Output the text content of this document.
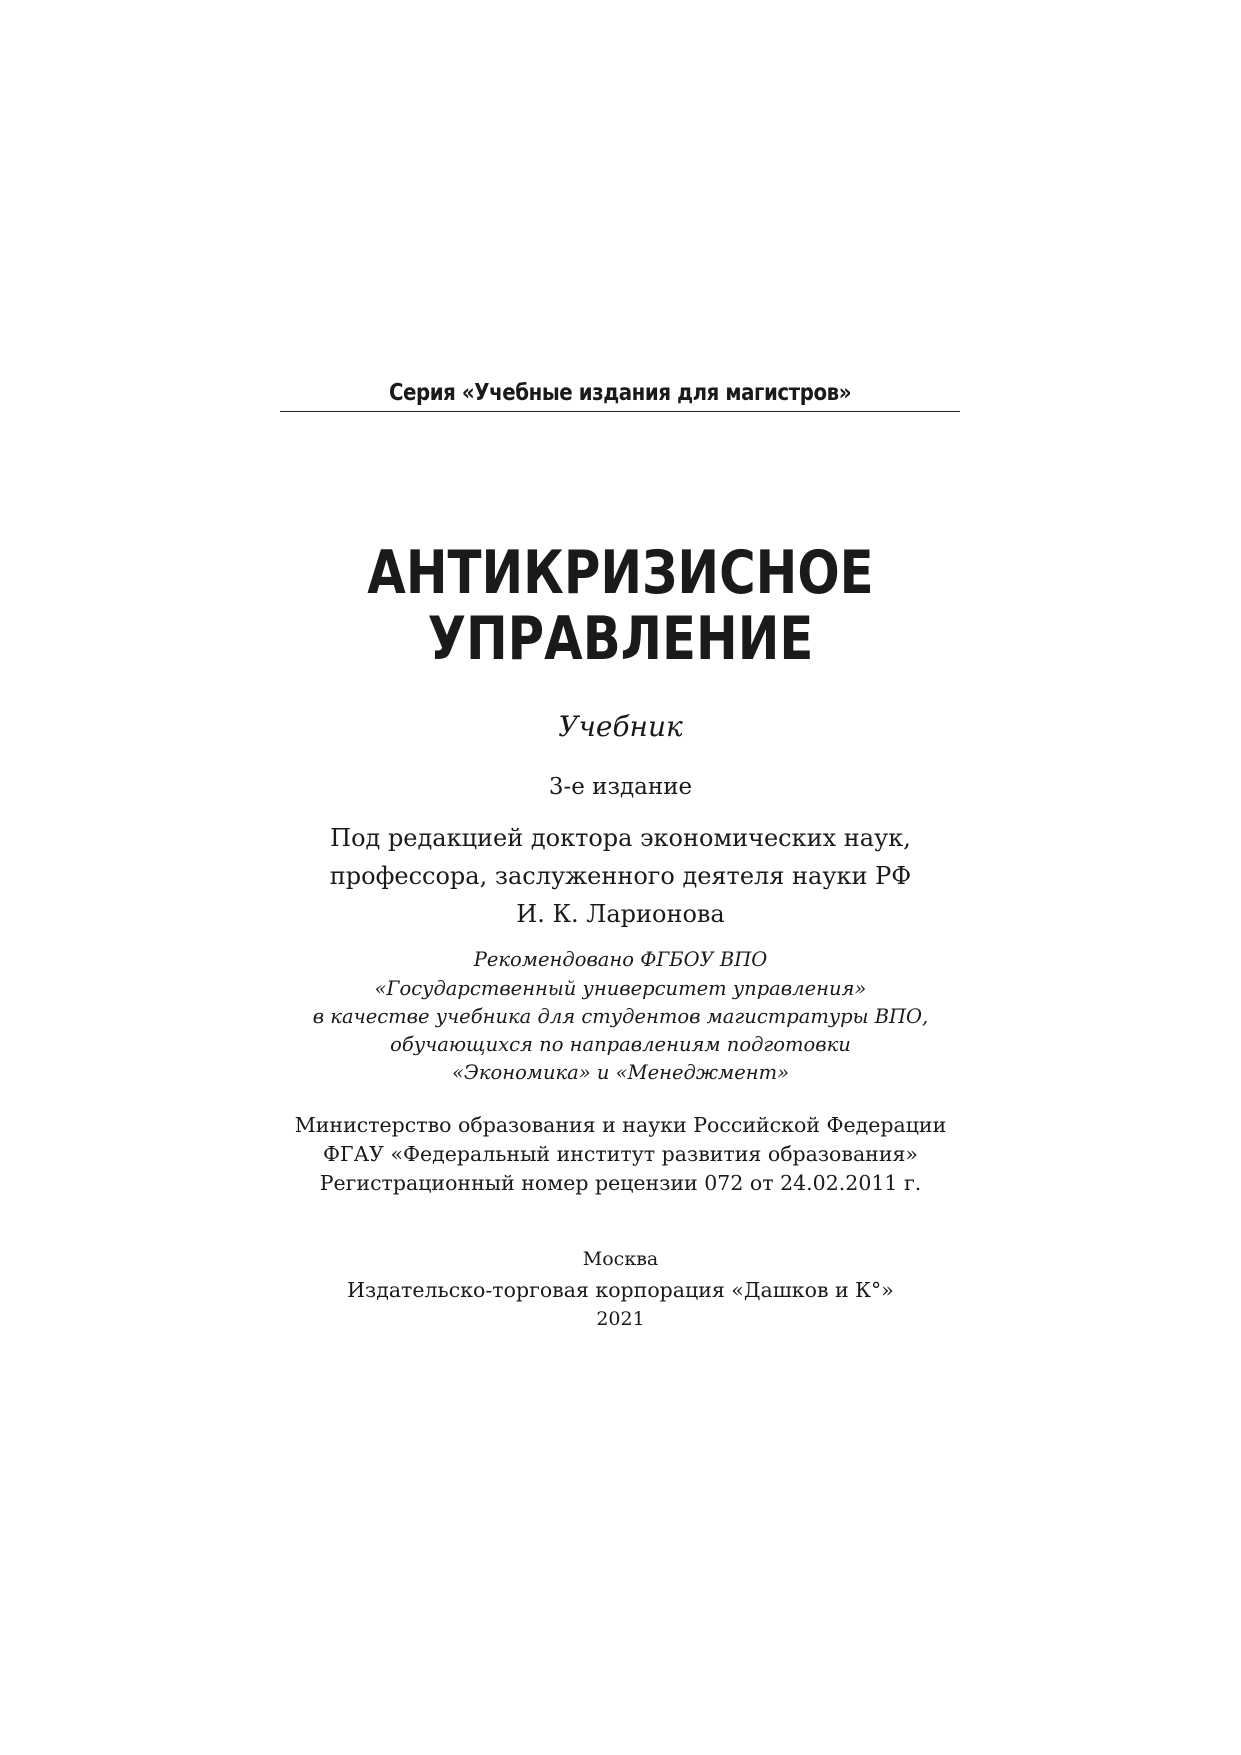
Серия «Учебные издания для магистров»
АНТИКРИЗИСНОЕ
УПРАВЛЕНИЕ
Учебник
3-е издание
Под редакцией доктора экономических наук,
профессора, заслуженного деятеля науки РФ
И. К. Ларионова
Рекомендовано ФГБОУ ВПО
«Государственный университет управления»
в качестве учебника для студентов магистратуры ВПО,
обучающихся по направлениям подготовки
«Экономика» и «Менеджмент»
Министерство образования и науки Российской Федерации
ФГАУ «Федеральный институт развития образования»
Регистрационный номер рецензии 072 от 24.02.2011 г.
Москва
Издательско-торговая корпорация «Дашков и К°»
2021
